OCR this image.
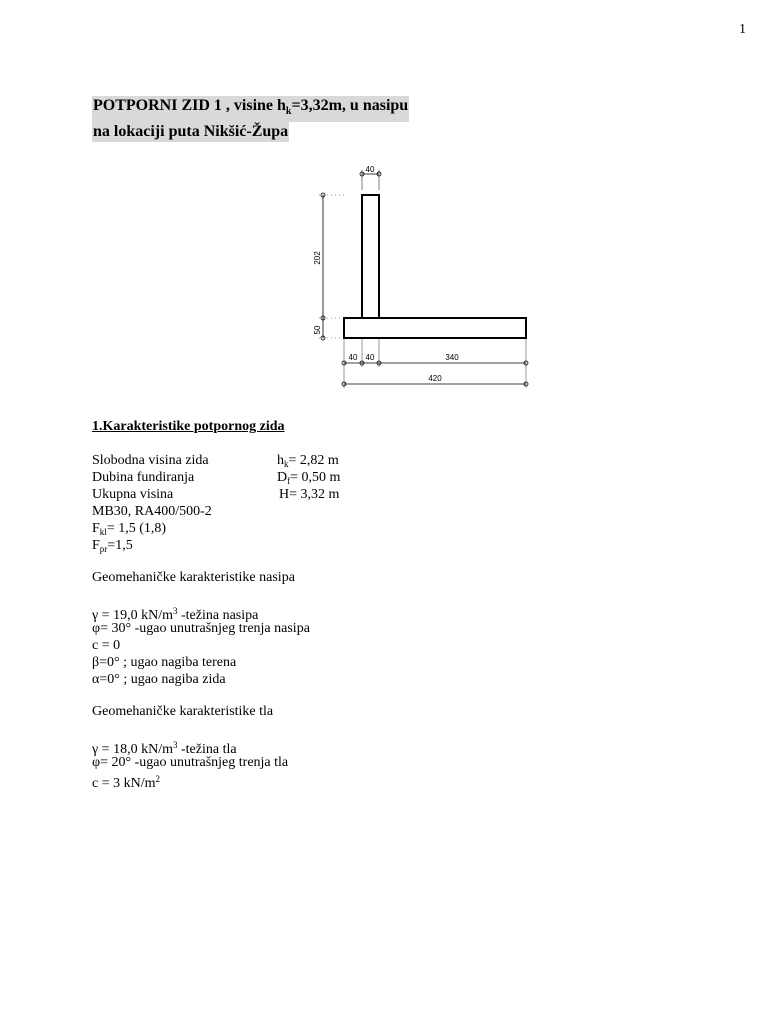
1
POTPORNI ZID 1 , visine $h_k=3,32m$, u nasipu
na lokaciji puta Nikšić-Župa
40
202
50
40 40	340
420
1.Karakteristike potpornog zida
Slobodna visina zida	$h_k= 2,82$ m
Dubina fundiranja	$D_f= 0,50$ m
Ukupna visina	H= 3,32 m
MB30, RA400/500-2
$F_{kl}= 1,5$ (1,8)
$F_{pr}=1,5$
Geomehaničke karakteristike nasipa
γ = 19,0 $kN/m^3$ -težina nasipa
φ= 30° -ugao unutrašnjeg trenja nasipa
c = 0
β=0° ; ugao nagiba terena
α=0° ; ugao nagiba zida
Geomehaničke karakteristike tla
γ = 18,0 $kN/m^3$ -težina tla
φ= 20° -ugao unutrašnjeg trenja tla
c = 3 $kN/m^2$
